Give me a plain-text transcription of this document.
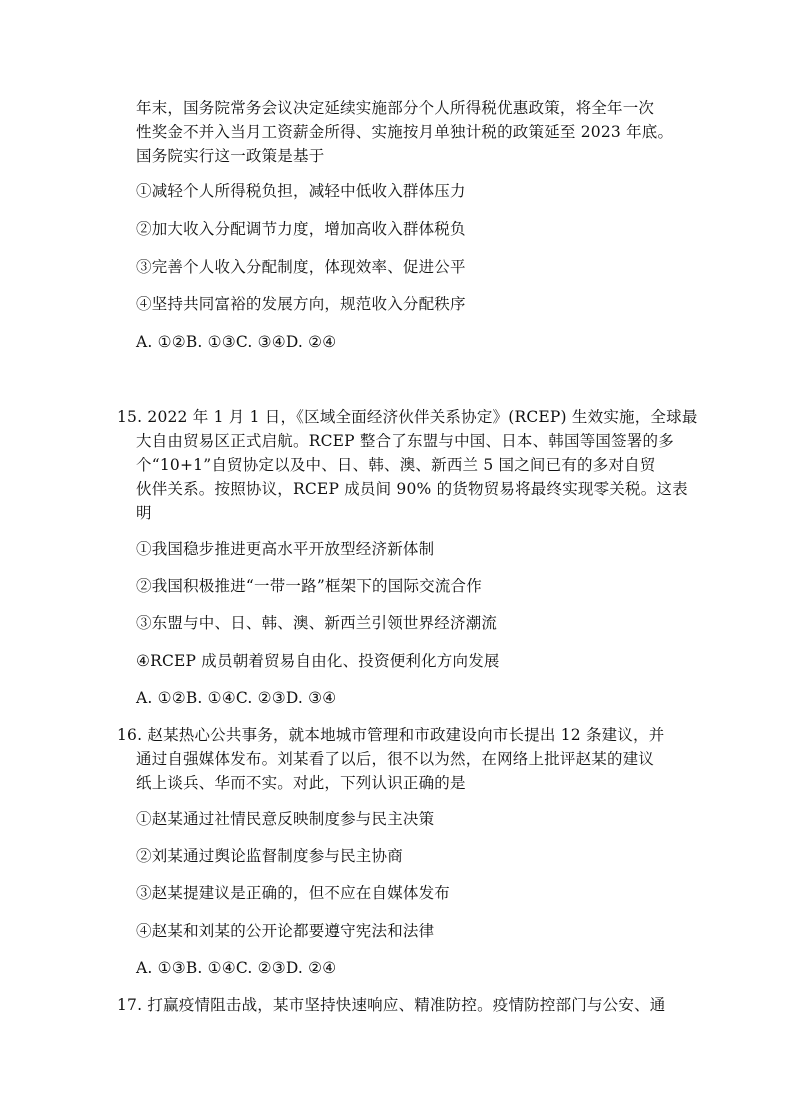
年末，国务院常务会议决定延续实施部分个人所得税优惠政策，将全年一次
性奖金不并入当月工资薪金所得、实施按月单独计税的政策延至 2023 年底。
国务院实行这一政策是基于
①减轻个人所得税负担，减轻中低收入群体压力
②加大收入分配调节力度，增加高收入群体税负
③完善个人收入分配制度，体现效率、促进公平
④坚持共同富裕的发展方向，规范收入分配秩序
A. ①②B. ①③C. ③④D. ②④
15. 2022 年 1 月 1 日，《区域全面经济伙伴关系协定》(RCEP) 生效实施，全球最
大自由贸易区正式启航。RCEP 整合了东盟与中国、日本、韩国等国签署的多
个“10+1”自贸协定以及中、日、韩、澳、新西兰 5 国之间已有的多对自贸
伙伴关系。按照协议，RCEP 成员间 90% 的货物贸易将最终实现零关税。这表
明
①我国稳步推进更高水平开放型经济新体制
②我国积极推进“一带一路”框架下的国际交流合作
③东盟与中、日、韩、澳、新西兰引领世界经济潮流
④RCEP 成员朝着贸易自由化、投资便利化方向发展
A. ①②B. ①④C. ②③D. ③④
16. 赵某热心公共事务，就本地城市管理和市政建设向市长提出 12 条建议，并
通过自强媒体发布。刘某看了以后，很不以为然，在网络上批评赵某的建议
纸上谈兵、华而不实。对此，下列认识正确的是
①赵某通过社情民意反映制度参与民主决策
②刘某通过舆论监督制度参与民主协商
③赵某提建议是正确的，但不应在自媒体发布
④赵某和刘某的公开论都要遵守宪法和法律
A. ①③B. ①④C. ②③D. ②④
17. 打赢疫情阻击战，某市坚持快速响应、精准防控。疫情防控部门与公安、通
